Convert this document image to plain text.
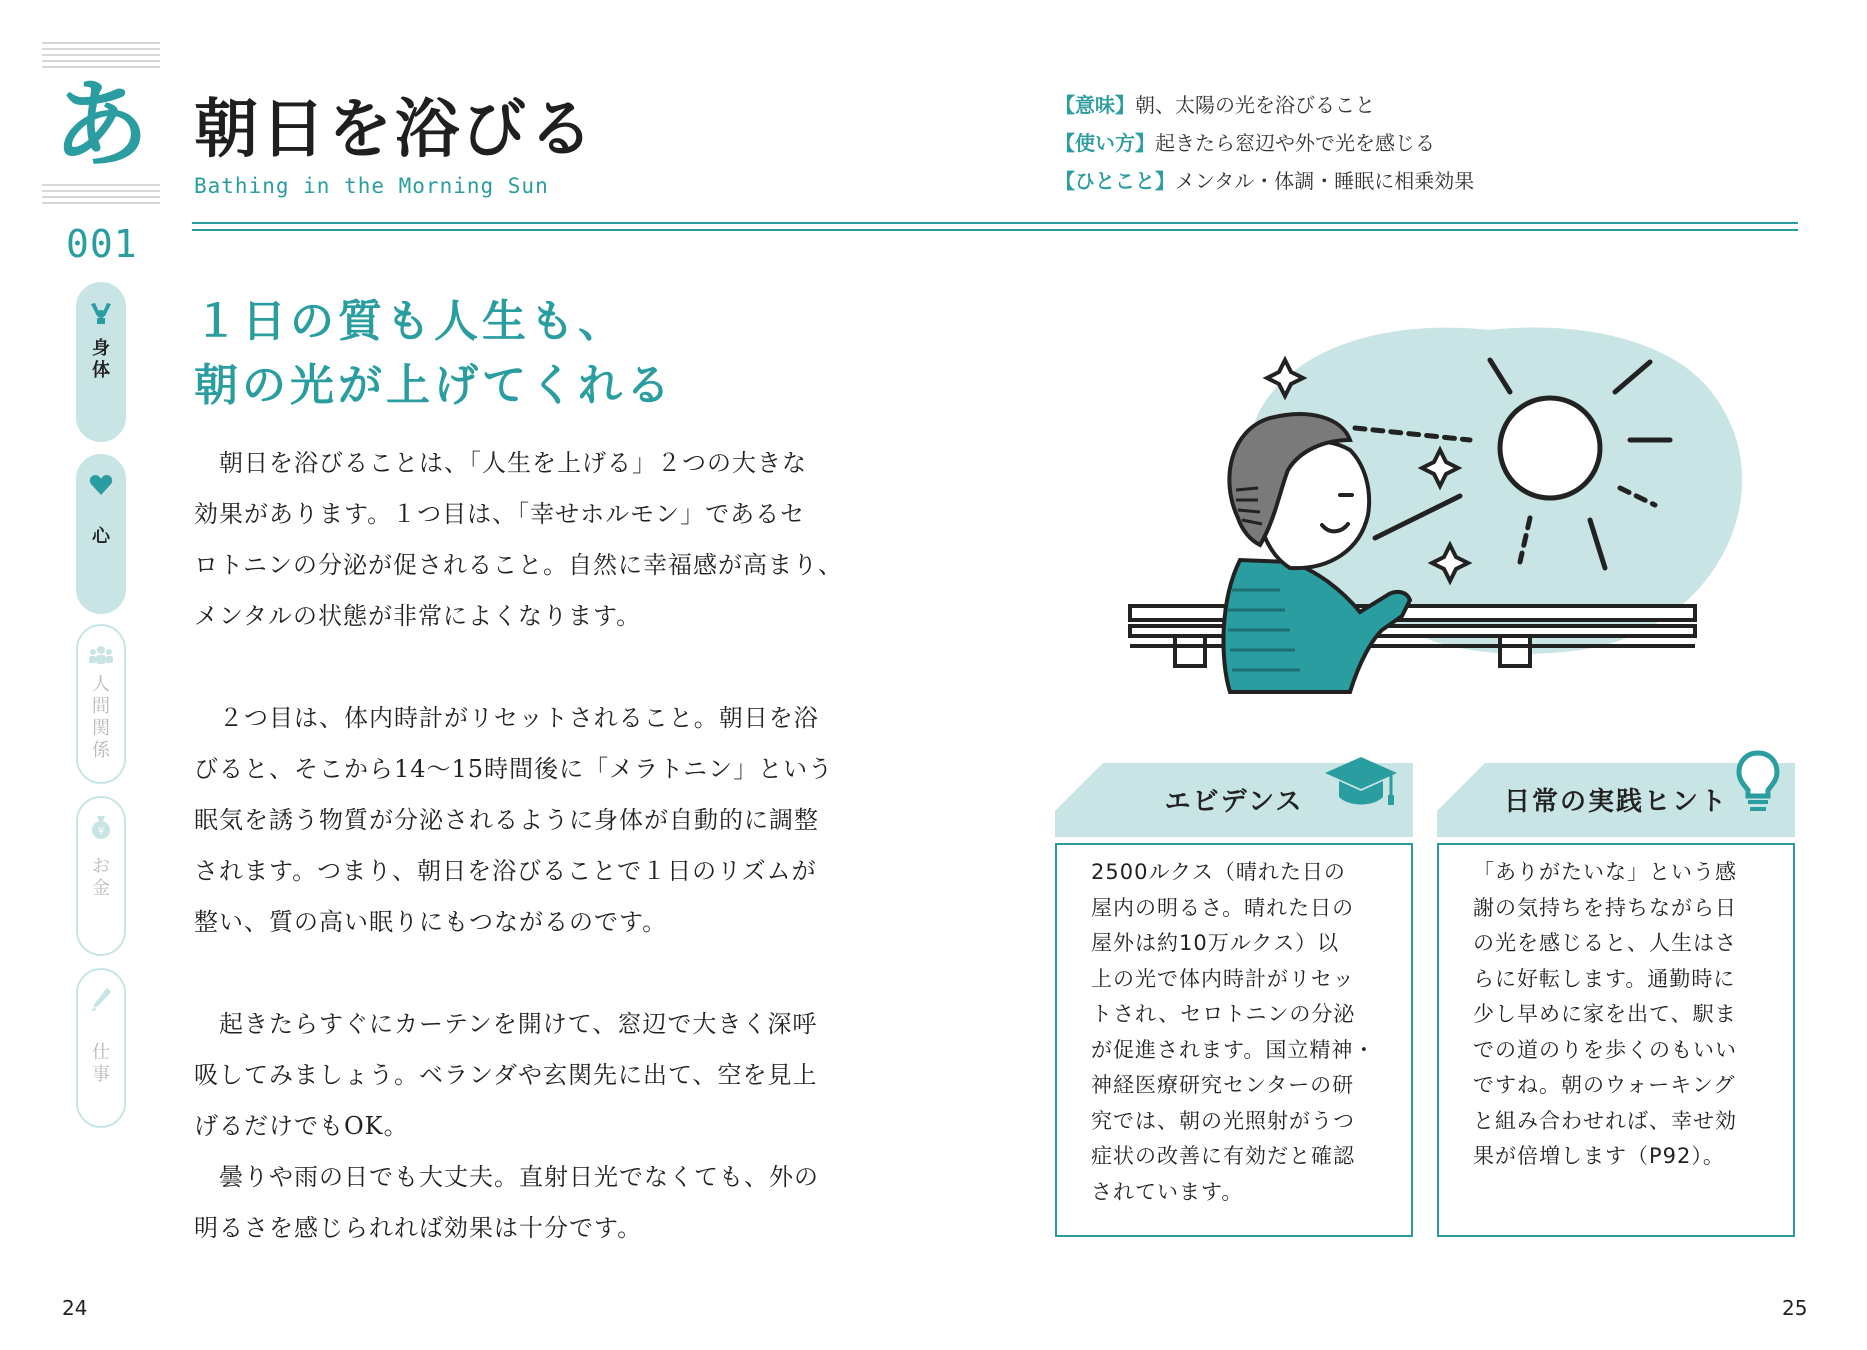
あ
001
朝日を浴びる
Bathing in the Morning Sun
【意味】朝、太陽の光を浴びること
【使い方】起きたら窓辺や外で光を感じる
【ひとこと】メンタル・体調・睡眠に相乗効果
身体
心
人間関係
¥
お金
仕事
１日の質も人生も、
朝の光が上げてくれる

　朝日を浴びることは、「人生を上げる」２つの大きな

効果があります。１つ目は、「幸せホルモン」であるセ

ロトニンの分泌が促されること。自然に幸福感が高まり、

メンタルの状態が非常によくなります。

　２つ目は、体内時計がリセットされること。朝日を浴

びると、そこから14〜15時間後に「メラトニン」という

眠気を誘う物質が分泌されるように身体が自動的に調整

されます。つまり、朝日を浴びることで１日のリズムが

整い、質の高い眠りにもつながるのです。

　起きたらすぐにカーテンを開けて、窓辺で大きく深呼

吸してみましょう。ベランダや玄関先に出て、空を見上

げるだけでもOK。

　曇りや雨の日でも大丈夫。直射日光でなくても、外の

明るさを感じられれば効果は十分です。

エビデンス
2500ルクス（晴れた日の
屋内の明るさ。晴れた日の
屋外は約10万ルクス）以
上の光で体内時計がリセッ
トされ、セロトニンの分泌
が促進されます。国立精神・
神経医療研究センターの研
究では、朝の光照射がうつ
症状の改善に有効だと確認
されています。
日常の実践ヒント
「ありがたいな」という感
謝の気持ちを持ちながら日
の光を感じると、人生はさ
らに好転します。通勤時に
少し早めに家を出て、駅ま
での道のりを歩くのもいい
ですね。朝のウォーキング
と組み合わせれば、幸せ効
果が倍増します（P92）。
24	25
